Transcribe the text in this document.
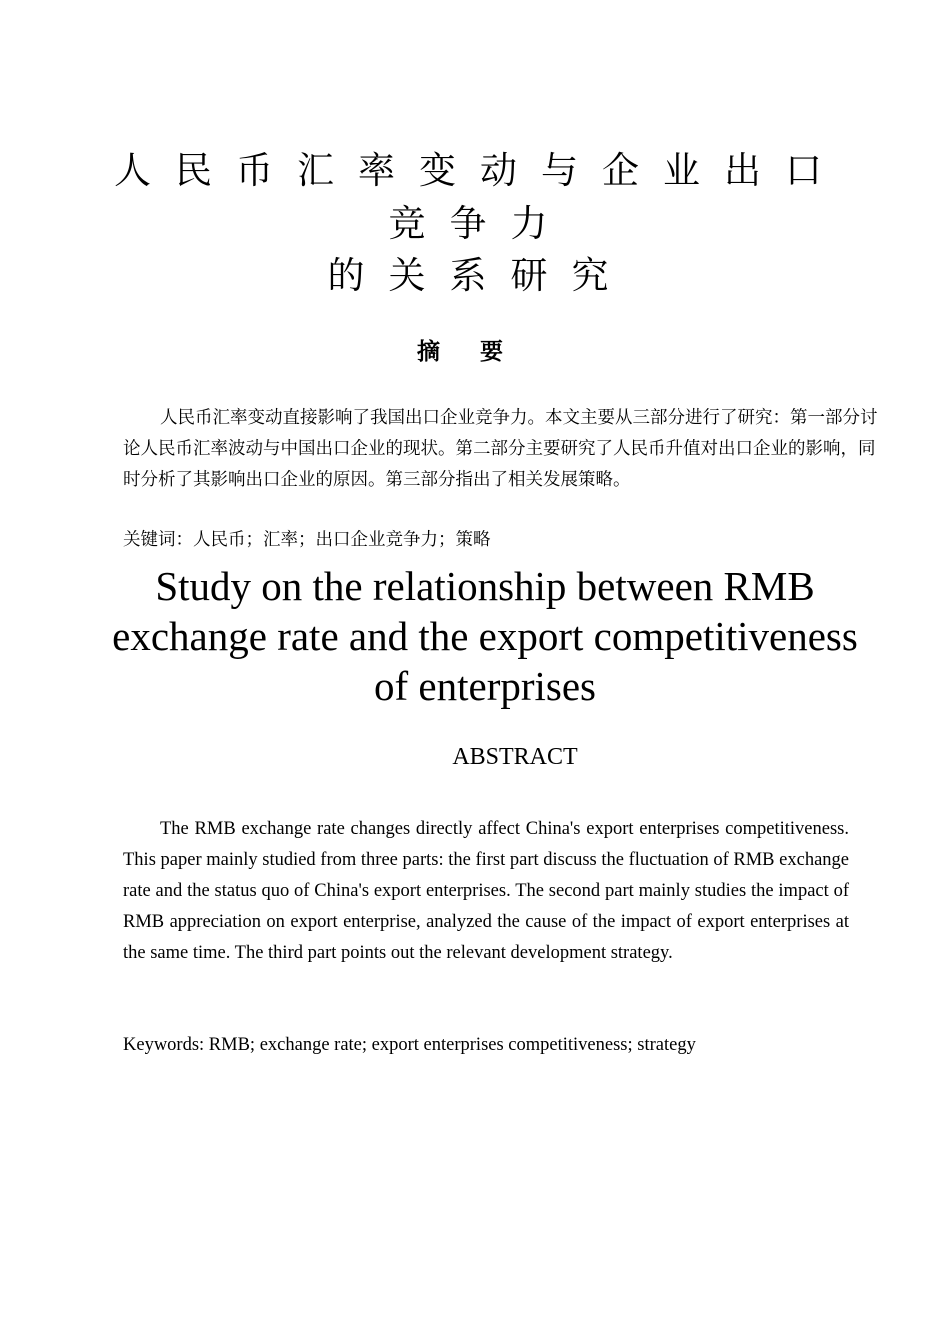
人民币汇率变动与企业出口
竞争力
的关系研究
摘要

人民币汇率变动直接影响了我国出口企业竞争力。本文主要从三部分进行了研究：第一部分讨论人民币汇率波动与中国出口企业的现状。第二部分主要研究了人民币升值对出口企业的影响，同时分析了其影响出口企业的原因。第三部分指出了相关发展策略。

关键词：人民币；汇率；出口企业竞争力；策略

Study on the relationship between RMB exchange rate and the export competitiveness of enterprises
ABSTRACT

The RMB exchange rate changes directly affect China's export enterprises competitiveness. This paper mainly studied from three parts: the first part discuss the fluctuation of RMB exchange rate and the status quo of China's export enterprises. The second part mainly studies the impact of RMB appreciation on export enterprise, analyzed the cause of the impact of export enterprises at the same time. The third part points out the relevant development strategy.

Keywords: RMB; exchange rate; export enterprises competitiveness; strategy
